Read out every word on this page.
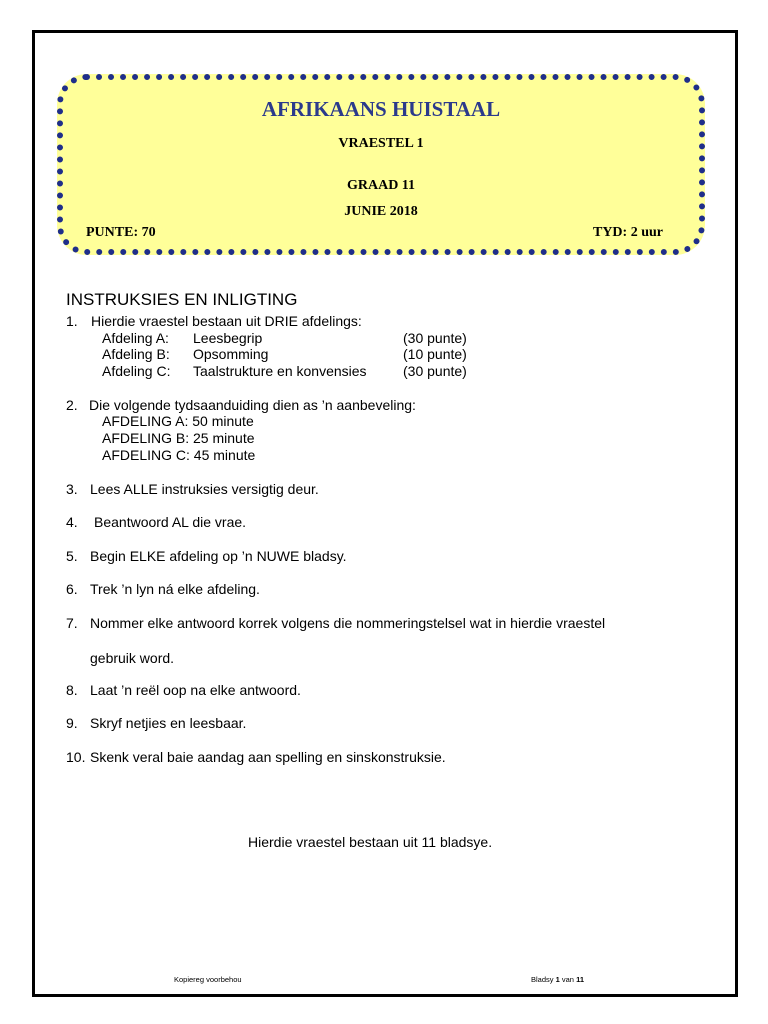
AFRIKAANS HUISTAAL
VRAESTEL 1
GRAAD 11
JUNIE 2018
PUNTE: 70	TYD: 2 uur
INSTRUKSIES EN INLIGTING
1. Hierdie vraestel bestaan uit DRIE afdelings:
Afdeling A: Leesbegrip	(30 punte)
Afdeling B: Opsomming	(10 punte)
Afdeling C: Taalstrukture en konvensies	(30 punte)
2. Die volgende tydsaanduiding dien as ’n aanbeveling:
AFDELING A: 50 minute
AFDELING B: 25 minute
AFDELING C: 45 minute
3. Lees ALLE instruksies versigtig deur.
4. Beantwoord AL die vrae.
5. Begin ELKE afdeling op ’n NUWE bladsy.
6. Trek ’n lyn ná elke afdeling.
7. Nommer elke antwoord korrek volgens die nommeringstelsel wat in hierdie vraestel
gebruik word.
8. Laat ’n reël oop na elke antwoord.
9. Skryf netjies en leesbaar.
10. Skenk veral baie aandag aan spelling en sinskonstruksie.
Hierdie vraestel bestaan uit 11 bladsye.
Kopiereg voorbehou	Bladsy 1 van 11
